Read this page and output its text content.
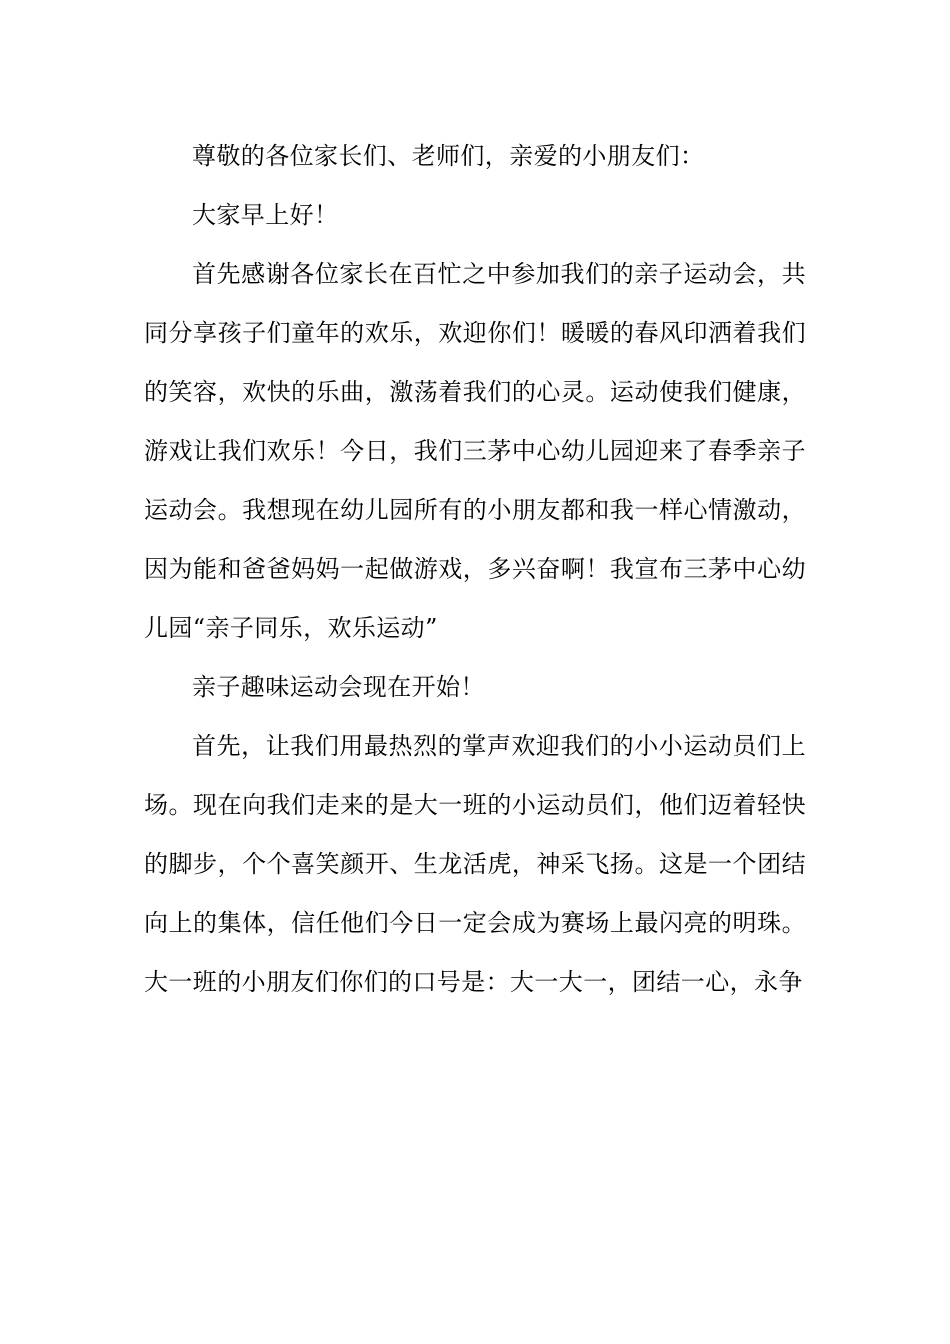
尊敬的各位家长们、老师们，亲爱的小朋友们：

大家早上好！

首先感谢各位家长在百忙之中参加我们的亲子运动会，共同分享孩子们童年的欢乐，欢迎你们！暖暖的春风印洒着我们的笑容，欢快的乐曲，激荡着我们的心灵。运动使我们健康，游戏让我们欢乐！今日，我们三茅中心幼儿园迎来了春季亲子运动会。我想现在幼儿园所有的小朋友都和我一样心情激动，因为能和爸爸妈妈一起做游戏，多兴奋啊！我宣布三茅中心幼儿园“亲子同乐，欢乐运动”

亲子趣味运动会现在开始！

首先，让我们用最热烈的掌声欢迎我们的小小运动员们上场。现在向我们走来的是大一班的小运动员们，他们迈着轻快的脚步，个个喜笑颜开、生龙活虎，神采飞扬。这是一个团结向上的集体，信任他们今日一定会成为赛场上最闪亮的明珠。大一班的小朋友们你们的口号是：大一大一，团结一心，永争
